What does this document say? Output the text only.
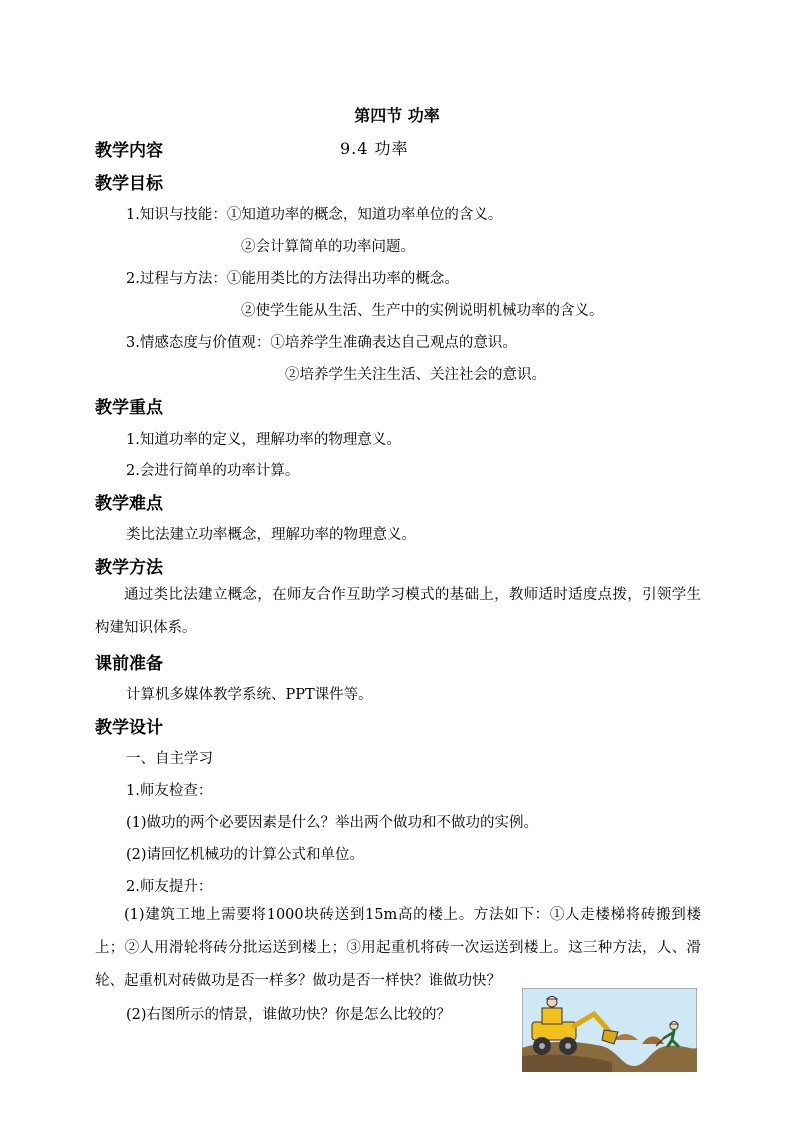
第四节 功率
教学内容	9.4 功率
教学目标
1.知识与技能：①知道功率的概念，知道功率单位的含义。
②会计算简单的功率问题。
2.过程与方法：①能用类比的方法得出功率的概念。
②使学生能从生活、生产中的实例说明机械功率的含义。
3.情感态度与价值观：①培养学生准确表达自己观点的意识。
②培养学生关注生活、关注社会的意识。
教学重点
1.知道功率的定义，理解功率的物理意义。
2.会进行简单的功率计算。
教学难点
类比法建立功率概念，理解功率的物理意义。
教学方法
通过类比法建立概念，在师友合作互助学习模式的基础上，教师适时适度点拨，引领学生构建知识体系。
课前准备
计算机多媒体教学系统、PPT课件等。
教学设计
一、自主学习
1.师友检查：
(1)做功的两个必要因素是什么？举出两个做功和不做功的实例。
(2)请回忆机械功的计算公式和单位。
2.师友提升：
(1)建筑工地上需要将1000块砖送到15m高的楼上。方法如下：①人走楼梯将砖搬到楼上；②人用滑轮将砖分批运送到楼上；③用起重机将砖一次运送到楼上。这三种方法，人、滑轮、起重机对砖做功是否一样多？做功是否一样快？谁做功快？
(2)右图所示的情景，谁做功快？你是怎么比较的？
